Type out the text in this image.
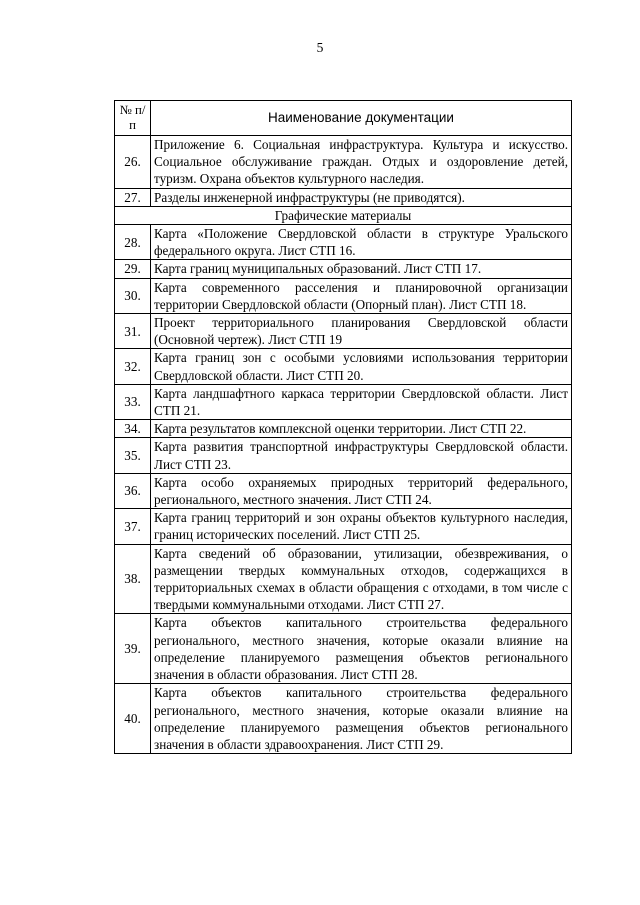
5
№ п/п	Наименование документации
26.	Приложение 6. Социальная инфраструктура. Культура и искусство. Социальное обслуживание граждан. Отдых и оздоровление детей, туризм. Охрана объектов культурного наследия.
27.	Разделы инженерной инфраструктуры (не приводятся).
Графические материалы	
28.	Карта «Положение Свердловской области в структуре Уральского федерального округа. Лист СТП 16.
29.	Карта границ муниципальных образований. Лист СТП 17.
30.	Карта современного расселения и планировочной организации территории Свердловской области (Опорный план). Лист СТП 18.
31.	Проект территориального планирования Свердловской области (Основной чертеж). Лист СТП 19
32.	Карта границ зон с особыми условиями использования территории Свердловской области. Лист СТП 20.
33.	Карта ландшафтного каркаса территории Свердловской области. Лист СТП 21.
34.	Карта результатов комплексной оценки территории. Лист СТП 22.
35.	Карта развития транспортной инфраструктуры Свердловской области. Лист СТП 23.
36.	Карта особо охраняемых природных территорий федерального, регионального, местного значения. Лист СТП 24.
37.	Карта границ территорий и зон охраны объектов культурного наследия, границ исторических поселений. Лист СТП 25.
38.	Карта сведений об образовании, утилизации, обезвреживания, о размещении твердых коммунальных отходов, содержащихся в территориальных схемах в области обращения с отходами, в том числе с твердыми коммунальными отходами. Лист СТП 27.
39.	Карта объектов капитального строительства федерального регионального, местного значения, которые оказали влияние на определение планируемого размещения объектов регионального значения в области образования. Лист СТП 28.
40.	Карта объектов капитального строительства федерального регионального, местного значения, которые оказали влияние на определение планируемого размещения объектов регионального значения в области здравоохранения. Лист СТП 29.
